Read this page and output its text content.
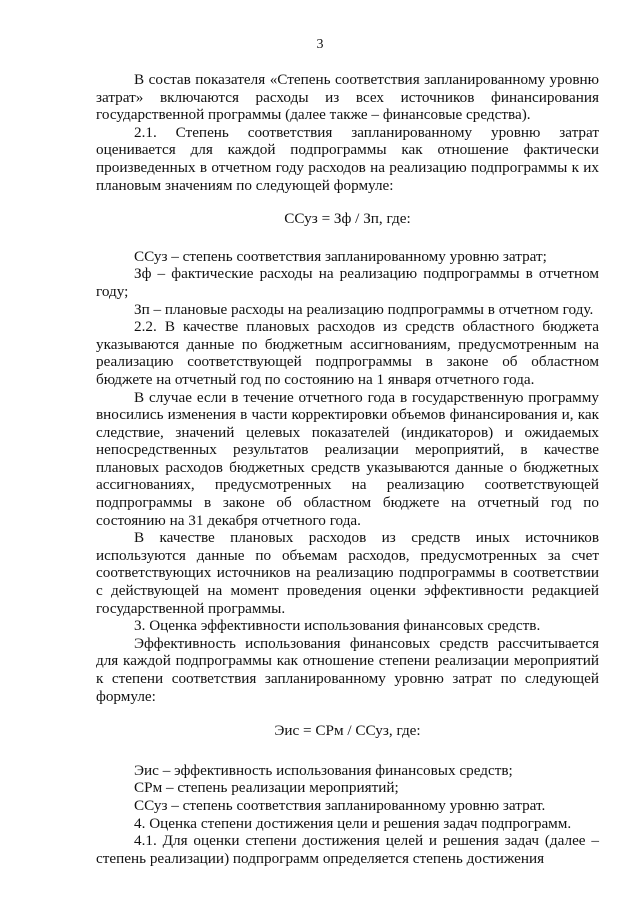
3

В состав показателя «Степень соответствия запланированному уровню затрат» включаются расходы из всех источников финансирования государственной программы (далее также – финансовые средства).

2.1. Степень соответствия запланированному уровню затрат оценивается для каждой подпрограммы как отношение фактически произведенных в отчетном году расходов на реализацию подпрограммы к их плановым значениям по следующей формуле:

ССуз = Зф / Зп, где:

ССуз – степень соответствия запланированному уровню затрат;

Зф – фактические расходы на реализацию подпрограммы в отчетном году;

Зп – плановые расходы на реализацию подпрограммы в отчетном году.

2.2. В качестве плановых расходов из средств областного бюджета указываются данные по бюджетным ассигнованиям, предусмотренным на реализацию соответствующей подпрограммы в законе об областном бюджете на отчетный год по состоянию на 1 января отчетного года.

В случае если в течение отчетного года в государственную программу вносились изменения в части корректировки объемов финансирования и, как следствие, значений целевых показателей (индикаторов) и ожидаемых непосредственных результатов реализации мероприятий, в качестве плановых расходов бюджетных средств указываются данные о бюджетных ассигнованиях, предусмотренных на реализацию соответствующей подпрограммы в законе об областном бюджете на отчетный год по состоянию на 31 декабря отчетного года.

В качестве плановых расходов из средств иных источников используются данные по объемам расходов, предусмотренных за счет соответствующих источников на реализацию подпрограммы в соответствии с действующей на момент проведения оценки эффективности редакцией государственной программы.

3. Оценка эффективности использования финансовых средств.

Эффективность использования финансовых средств рассчитывается для каждой подпрограммы как отношение степени реализации мероприятий к степени соответствия запланированному уровню затрат по следующей формуле:

Эис = СРм / ССуз, где:

Эис – эффективность использования финансовых средств;

СРм – степень реализации мероприятий;

ССуз – степень соответствия запланированному уровню затрат.

4. Оценка степени достижения цели и решения задач подпрограмм.

4.1. Для оценки степени достижения целей и решения задач (далее – степень реализации) подпрограмм определяется степень достижения
